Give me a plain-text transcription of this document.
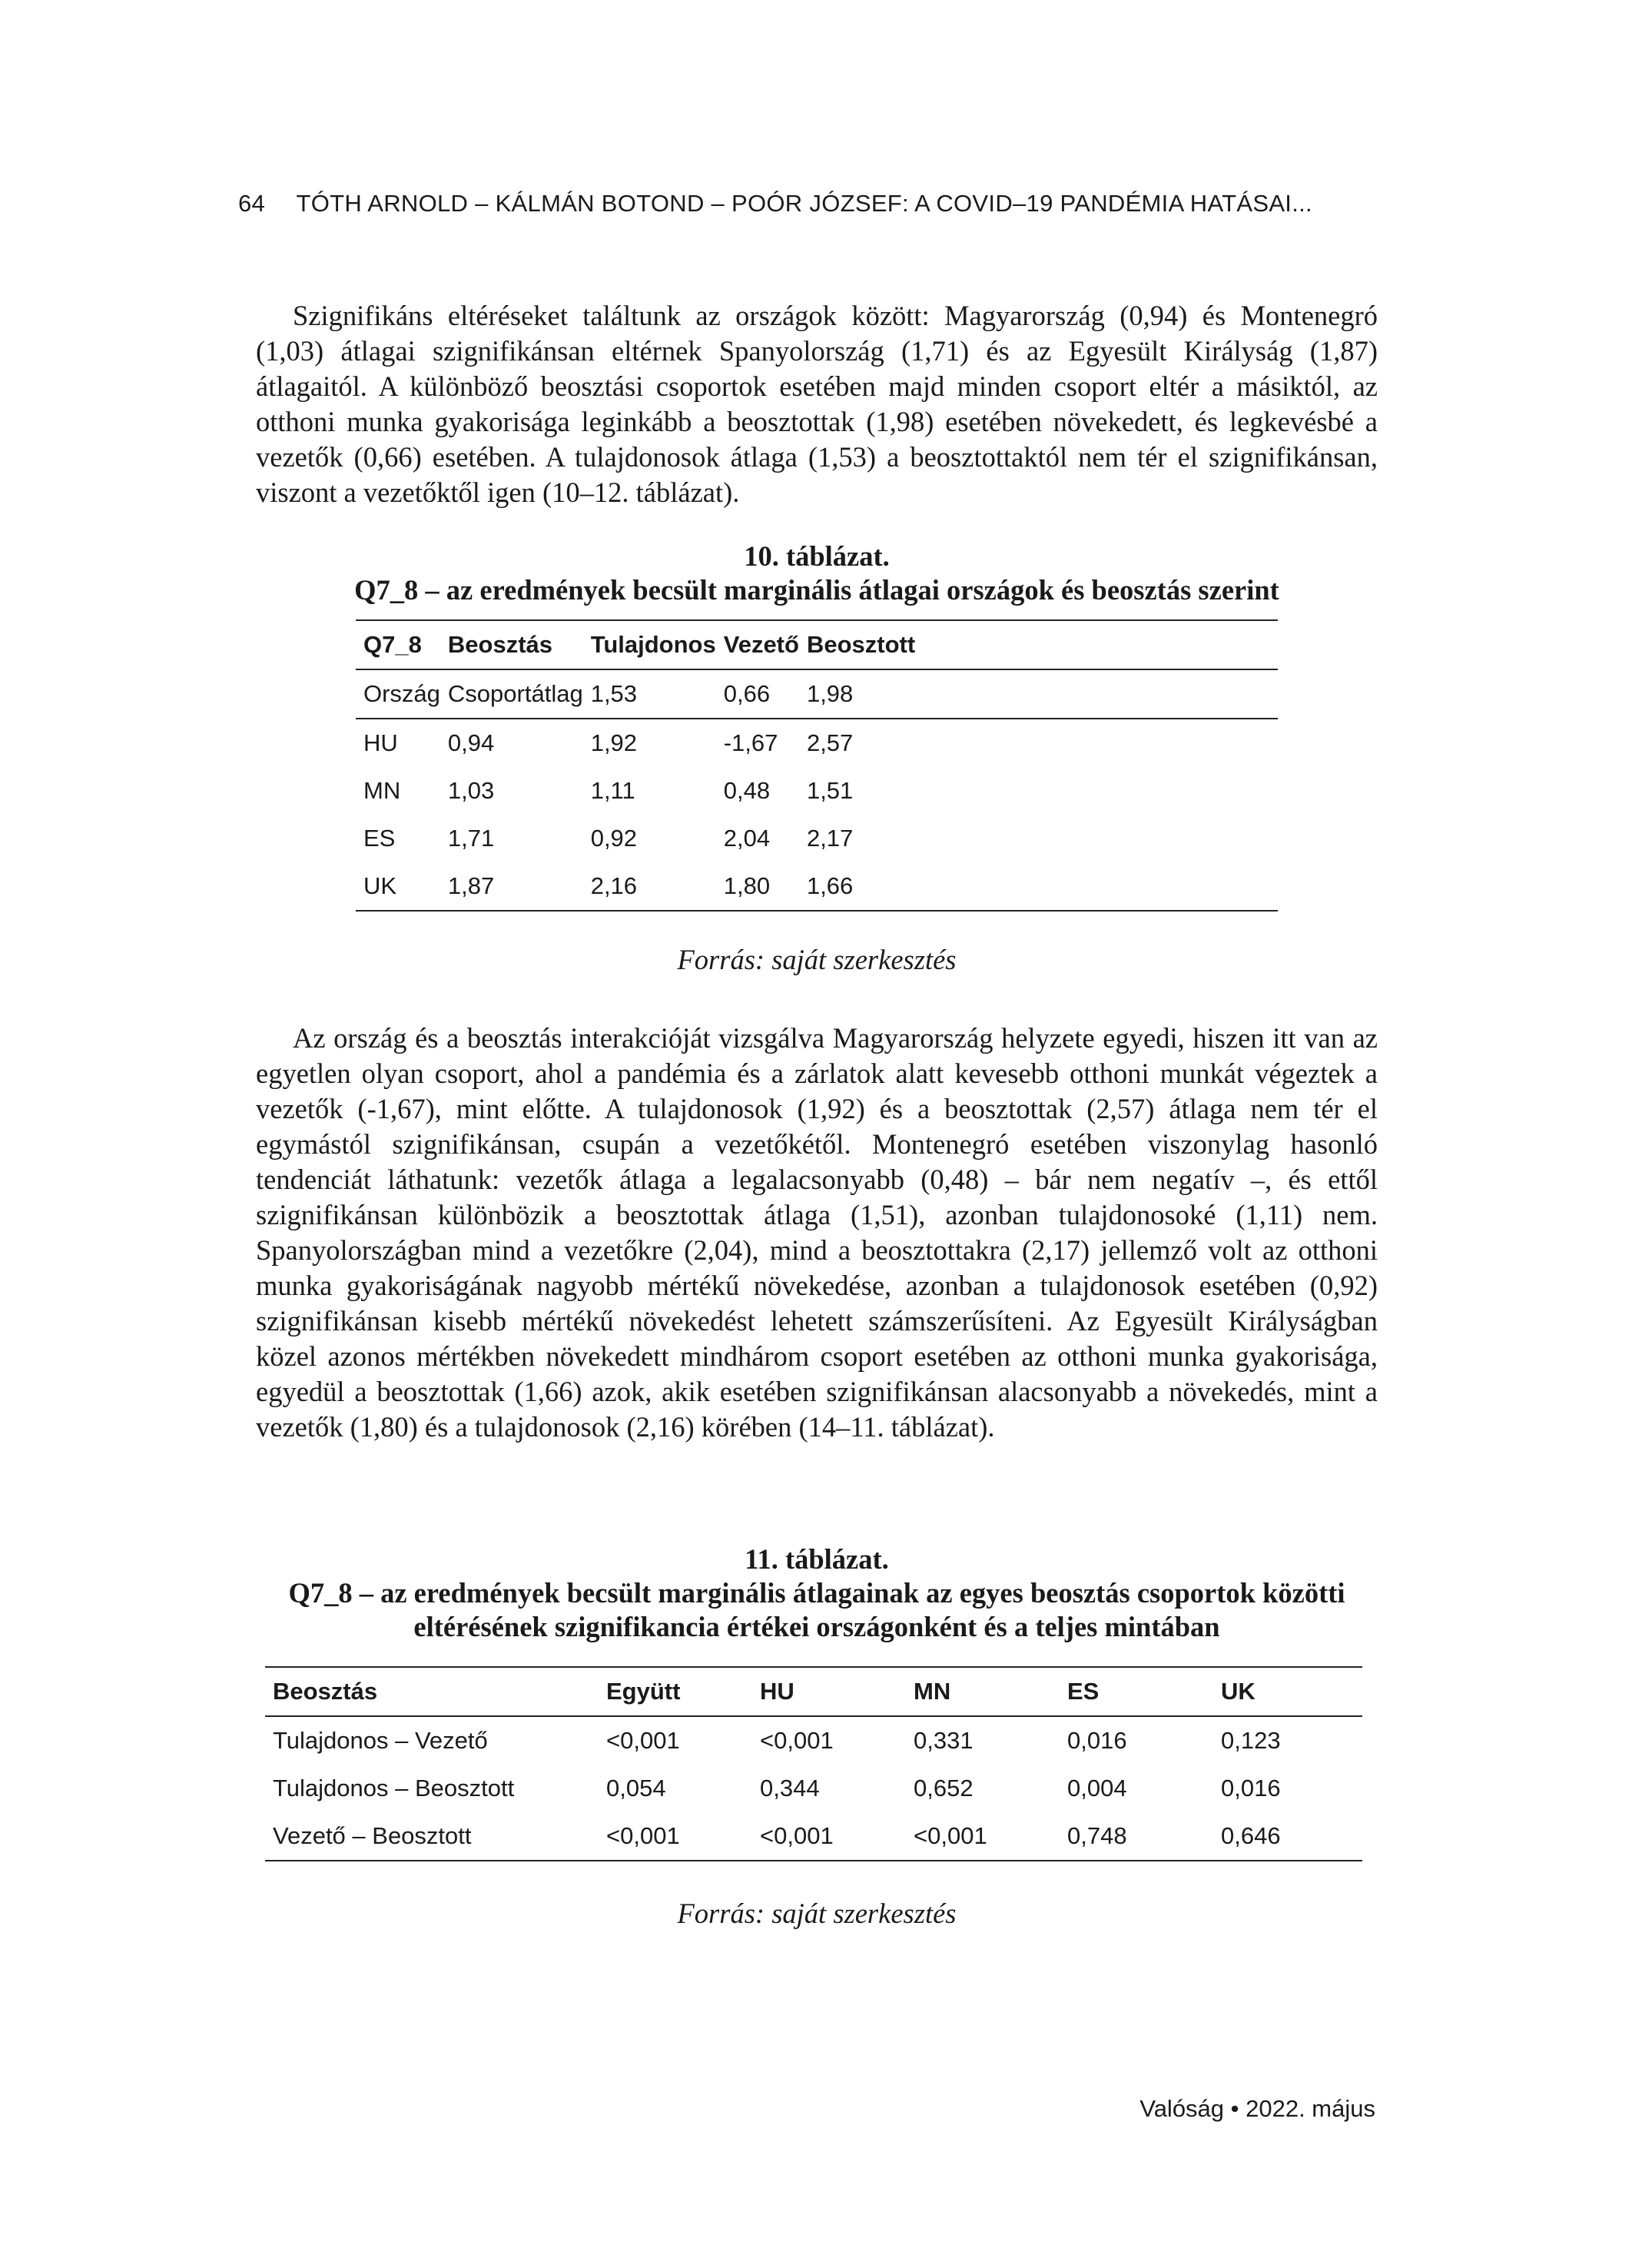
64 TÓTH ARNOLD – KÁLMÁN BOTOND – POÓR JÓZSEF: A COVID–19 PANDÉMIA HATÁSAI...

Szignifikáns eltéréseket találtunk az országok között: Magyarország (0,94) és Montenegró (1,03) átlagai szignifikánsan eltérnek Spanyolország (1,71) és az Egyesült Királyság (1,87) átlagaitól. A különböző beosztási csoportok esetében majd minden csoport eltér a másiktól, az otthoni munka gyakorisága leginkább a beosztottak (1,98) esetében növekedett, és legkevésbé a vezetők (0,66) esetében. A tulajdonosok átlaga (1,53) a beosztottaktól nem tér el szignifikánsan, viszont a vezetőktől igen (10–12. táblázat).

10. táblázat.

Q7_8 – az eredmények becsült marginális átlagai országok és beosztás szerint

Q7_8	Beosztás	Tulajdonos	Vezető	Beosztott
Ország	Csoportátlag	1,53	0,66	1,98
HU	0,94	1,92	-1,67	2,57
MN	1,03	1,11	0,48	1,51
ES	1,71	0,92	2,04	2,17
UK	1,87	2,16	1,80	1,66
Forrás: saját szerkesztés

Az ország és a beosztás interakcióját vizsgálva Magyarország helyzete egyedi, hiszen itt van az egyetlen olyan csoport, ahol a pandémia és a zárlatok alatt kevesebb otthoni munkát végeztek a vezetők (-1,67), mint előtte. A tulajdonosok (1,92) és a beosztottak (2,57) átlaga nem tér el egymástól szignifikánsan, csupán a vezetőkétől. Montenegró esetében viszonylag hasonló tendenciát láthatunk: vezetők átlaga a legalacsonyabb (0,48) – bár nem negatív –, és ettől szignifikánsan különbözik a beosztottak átlaga (1,51), azonban tulajdonosoké (1,11) nem. Spanyolországban mind a vezetőkre (2,04), mind a beosztottakra (2,17) jellemző volt az otthoni munka gyakoriságának nagyobb mértékű növekedése, azonban a tulajdonosok esetében (0,92) szignifikánsan kisebb mértékű növekedést lehetett számszerűsíteni. Az Egyesült Királyságban közel azonos mértékben növekedett mindhárom csoport esetében az otthoni munka gyakorisága, egyedül a beosztottak (1,66) azok, akik esetében szignifikánsan alacsonyabb a növekedés, mint a vezetők (1,80) és a tulajdonosok (2,16) körében (14–11. táblázat).

11. táblázat.

Q7_8 – az eredmények becsült marginális átlagainak az egyes beosztás csoportok közötti eltérésének szignifikancia értékei országonként és a teljes mintában

Beosztás	Együtt	HU	MN	ES	UK
Tulajdonos – Vezető	<0,001	<0,001	0,331	0,016	0,123
Tulajdonos – Beosztott	0,054	0,344	0,652	0,004	0,016
Vezető – Beosztott	<0,001	<0,001	<0,001	0,748	0,646
Forrás: saját szerkesztés
Valóság • 2022. május
